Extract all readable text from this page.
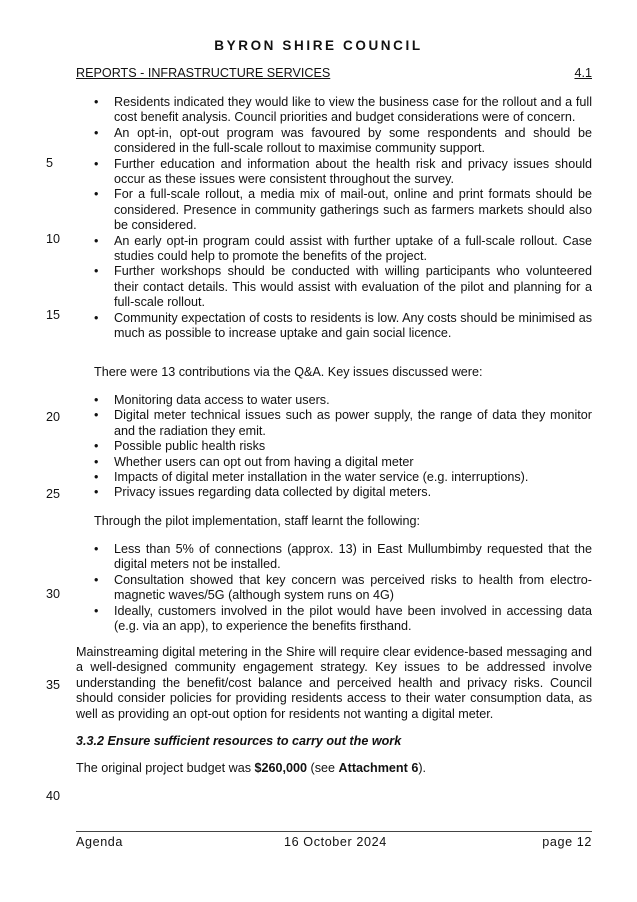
BYRON SHIRE COUNCIL
REPORTS - INFRASTRUCTURE SERVICES	4.1
5
10
15
20
25
30
35
40
• Residents indicated they would like to view the business case for the rollout and a full cost benefit analysis. Council priorities and budget considerations were of concern.
• An opt-in, opt-out program was favoured by some respondents and should be considered in the full-scale rollout to maximise community support.
• Further education and information about the health risk and privacy issues should occur as these issues were consistent throughout the survey.
• For a full-scale rollout, a media mix of mail-out, online and print formats should be considered. Presence in community gatherings such as farmers markets should also be considered.
• An early opt-in program could assist with further uptake of a full-scale rollout. Case studies could help to promote the benefits of the project.
• Further workshops should be conducted with willing participants who volunteered their contact details. This would assist with evaluation of the pilot and planning for a full-scale rollout.
• Community expectation of costs to residents is low. Any costs should be minimised as much as possible to increase uptake and gain social licence.
There were 13 contributions via the Q&A. Key issues discussed were:
• Monitoring data access to water users.
• Digital meter technical issues such as power supply, the range of data they monitor and the radiation they emit.
• Possible public health risks
• Whether users can opt out from having a digital meter
• Impacts of digital meter installation in the water service (e.g. interruptions).
• Privacy issues regarding data collected by digital meters.
Through the pilot implementation, staff learnt the following:
• Less than 5% of connections (approx. 13) in East Mullumbimby requested that the digital meters not be installed.
• Consultation showed that key concern was perceived risks to health from electro-magnetic waves/5G (although system runs on 4G)
• Ideally, customers involved in the pilot would have been involved in accessing data (e.g. via an app), to experience the benefits firsthand.
Mainstreaming digital metering in the Shire will require clear evidence-based messaging and a well-designed community engagement strategy. Key issues to be addressed involve understanding the benefit/cost balance and perceived health and privacy risks. Council should consider policies for providing residents access to their water consumption data, as well as providing an opt-out option for residents not wanting a digital meter.
3.3.2 Ensure sufficient resources to carry out the work
The original project budget was $260,000 (see Attachment 6).
Agenda	16 October 2024	page 12
